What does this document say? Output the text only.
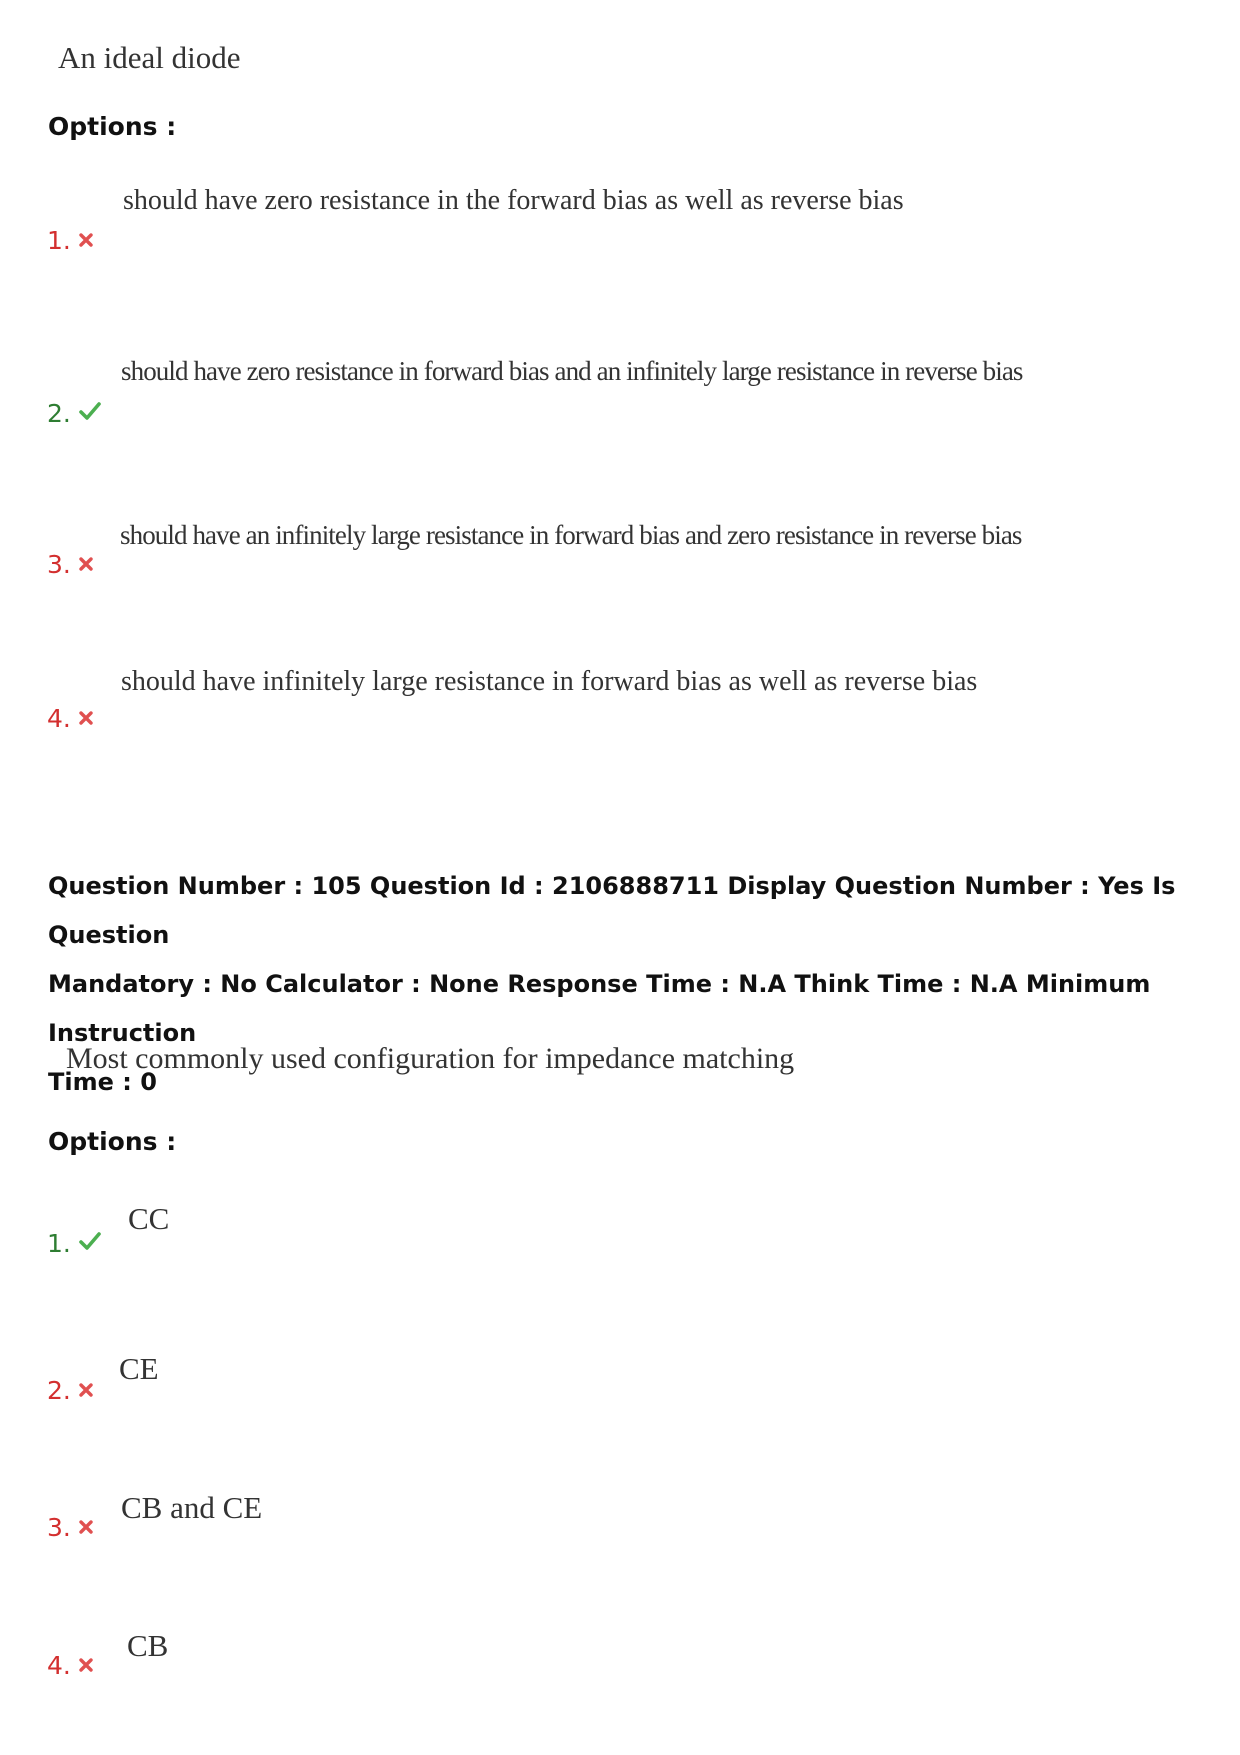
An ideal diode
Options :
1.
should have zero resistance in the forward bias as well as reverse bias
2.
should have zero resistance in forward bias and an infinitely large resistance in reverse bias
3.
should have an infinitely large resistance in forward bias and zero resistance in reverse bias
4.
should have infinitely large resistance in forward bias as well as reverse bias
Question Number : 105 Question Id : 2106888711 Display Question Number : Yes Is Question
Mandatory : No Calculator : None Response Time : N.A Think Time : N.A Minimum Instruction
Time : 0
Most commonly used configuration for impedance matching
Options :
1.
CC
2.
CE
3.
CB and CE
4.
CB
